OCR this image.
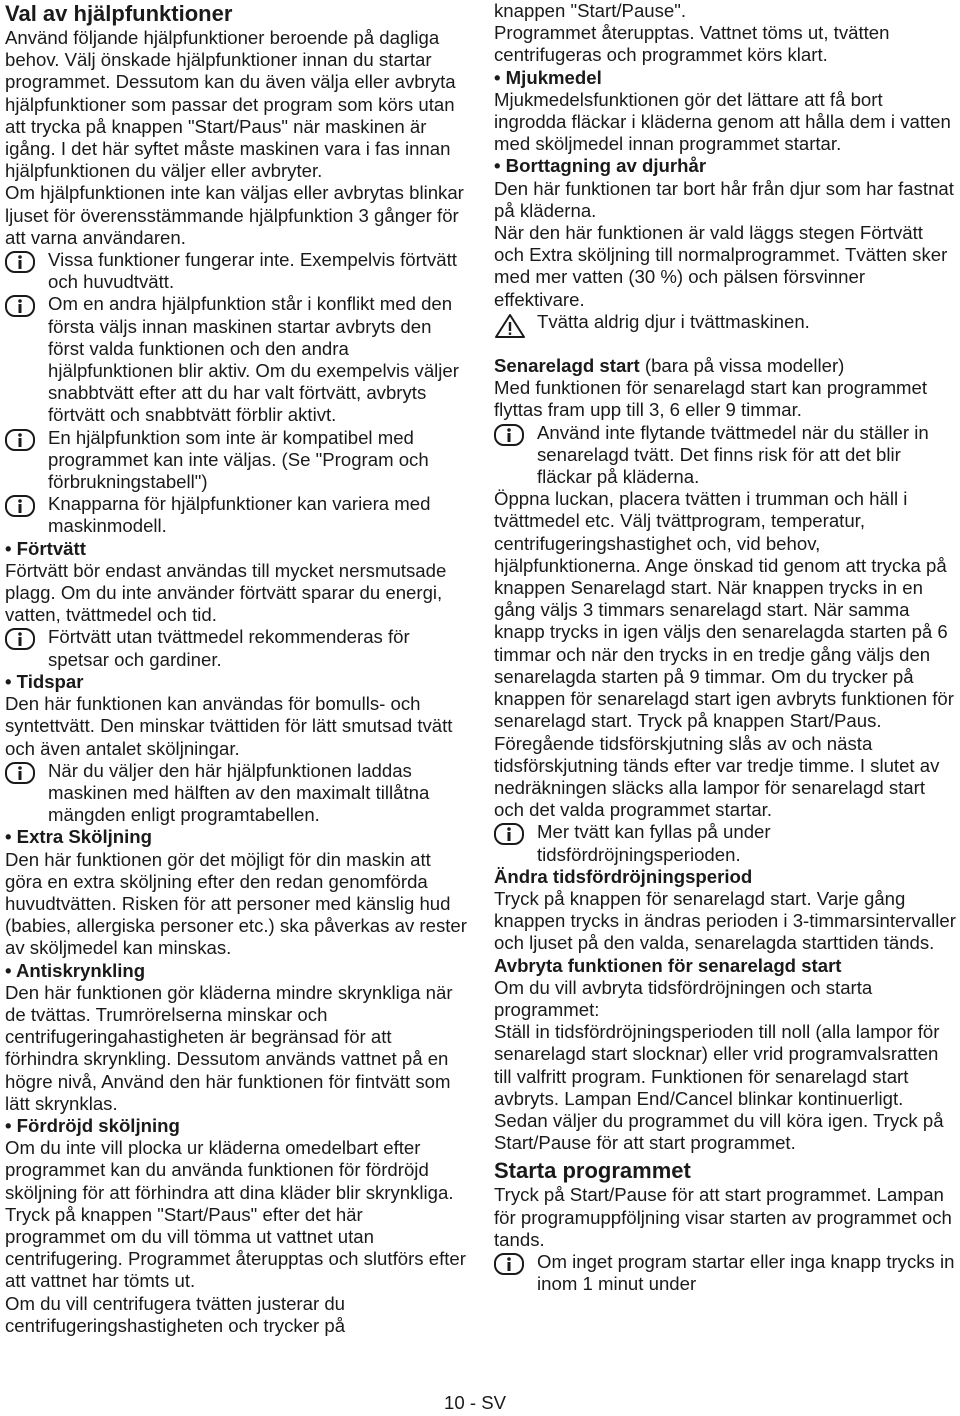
Val av hjälpfunktioner

Använd följande hjälpfunktioner beroende på dagliga behov. Välj önskade hjälpfunktioner innan du startar programmet. Dessutom kan du även välja eller avbryta hjälpfunktioner som passar det program som körs utan att trycka på knappen "Start/Paus" när maskinen är igång. I det här syftet måste maskinen vara i fas innan hjälpfunktionen du väljer eller avbryter.

Om hjälpfunktionen inte kan väljas eller avbrytas blinkar ljuset för överensstämmande hjälpfunktion 3 gånger för att varna användaren.

Vissa funktioner fungerar inte. Exempelvis förtvätt och huvudtvätt.

Om en andra hjälpfunktion står i konflikt med den första väljs innan maskinen startar avbryts den först valda funktionen och den andra hjälpfunktionen blir aktiv. Om du exempelvis väljer snabbtvätt efter att du har valt förtvätt, avbryts förtvätt och snabbtvätt förblir aktivt.

En hjälpfunktion som inte är kompatibel med programmet kan inte väljas. (Se "Program och förbrukningstabell")

Knapparna för hjälpfunktioner kan variera med maskinmodell.

• Förtvätt

Förtvätt bör endast användas till mycket nersmutsade plagg. Om du inte använder förtvätt sparar du energi, vatten, tvättmedel och tid.

Förtvätt utan tvättmedel rekommenderas för spetsar och gardiner.

• Tidspar

Den här funktionen kan användas för bomulls- och syntettvätt. Den minskar tvättiden för lätt smutsad tvätt och även antalet sköljningar.

När du väljer den här hjälpfunktionen laddas maskinen med hälften av den maximalt tillåtna mängden enligt programtabellen.

• Extra Sköljning

Den här funktionen gör det möjligt för din maskin att göra en extra sköljning efter den redan genomförda huvudtvätten. Risken för att personer med känslig hud (babies, allergiska personer etc.) ska påverkas av rester av sköljmedel kan minskas.

• Antiskrynkling

Den här funktionen gör kläderna mindre skrynkliga när de tvättas. Trumrörelserna minskar och centrifugeringahastigheten är begränsad för att förhindra skrynkling. Dessutom används vattnet på en högre nivå, Använd den här funktionen för fintvätt som lätt skrynklas.

• Fördröjd sköljning

Om du inte vill plocka ur kläderna omedelbart efter programmet kan du använda funktionen för fördröjd sköljning för att förhindra att dina kläder blir skrynkliga. Tryck på knappen "Start/Paus" efter det här programmet om du vill tömma ut vattnet utan centrifugering. Programmet återupptas och slutförs efter att vattnet har tömts ut.

Om du vill centrifugera tvätten justerar du centrifugeringshastigheten och trycker på

knappen "Start/Pause".

Programmet återupptas. Vattnet töms ut, tvätten centrifugeras och programmet körs klart.

• Mjukmedel

Mjukmedelsfunktionen gör det lättare att få bort ingrodda fläckar i kläderna genom att hålla dem i vatten med sköljmedel innan programmet startar.

• Borttagning av djurhår

Den här funktionen tar bort hår från djur som har fastnat på kläderna.

När den här funktionen är vald läggs stegen Förtvätt och Extra sköljning till normalprogrammet. Tvätten sker med mer vatten (30 %) och pälsen försvinner effektivare.

Tvätta aldrig djur i tvättmaskinen.

Senarelagd start (bara på vissa modeller)

Med funktionen för senarelagd start kan programmet flyttas fram upp till 3, 6 eller 9 timmar.

Använd inte flytande tvättmedel när du ställer in senarelagd tvätt. Det finns risk för att det blir fläckar på kläderna.

Öppna luckan, placera tvätten i trumman och häll i tvättmedel etc. Välj tvättprogram, temperatur, centrifugeringshastighet och, vid behov, hjälpfunktionerna. Ange önskad tid genom att trycka på knappen Senarelagd start. När knappen trycks in en gång väljs 3 timmars senarelagd start. När samma knapp trycks in igen väljs den senarelagda starten på 6 timmar och när den trycks in en tredje gång väljs den senarelagda starten på 9 timmar. Om du trycker på knappen för senarelagd start igen avbryts funktionen för senarelagd start. Tryck på knappen Start/Paus. Föregående tidsförskjutning slås av och nästa tidsförskjutning tänds efter var tredje timme. I slutet av nedräkningen släcks alla lampor för senarelagd start och det valda programmet startar.

Mer tvätt kan fyllas på under tidsfördröjningsperioden.

Ändra tidsfördröjningsperiod

Tryck på knappen för senarelagd start. Varje gång knappen trycks in ändras perioden i 3-timmarsintervaller och ljuset på den valda, senarelagda starttiden tänds.

Avbryta funktionen för senarelagd start

Om du vill avbryta tidsfördröjningen och starta programmet:

Ställ in tidsfördröjningsperioden till noll (alla lampor för senarelagd start slocknar) eller vrid programvalsratten till valfritt program. Funktionen för senarelagd start avbryts. Lampan End/Cancel blinkar kontinuerligt. Sedan väljer du programmet du vill köra igen. Tryck på Start/Pause för att start programmet.

Starta programmet

Tryck på Start/Pause för att start programmet. Lampan för programuppföljning visar starten av programmet och tands.

Om inget program startar eller inga knapp trycks in inom 1 minut under

10 - SV
